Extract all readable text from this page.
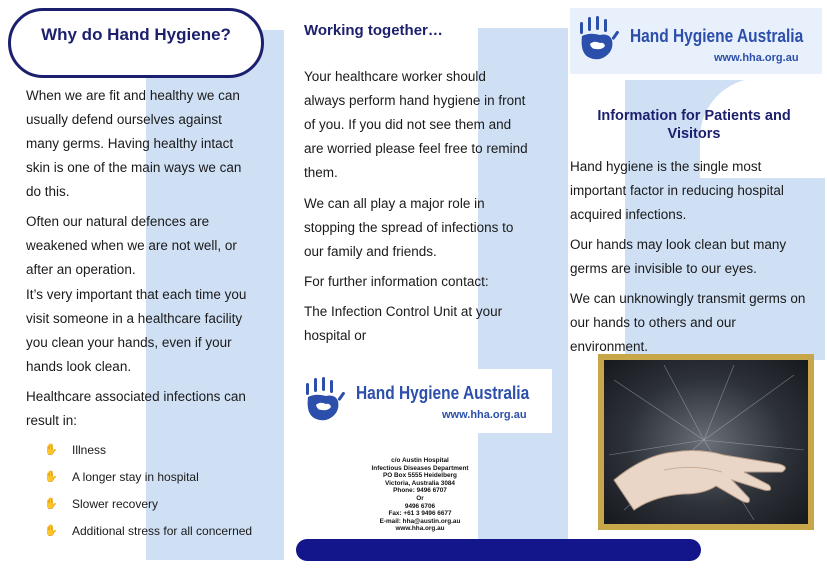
Why do Hand Hygiene?
When we are fit and healthy we can
usually defend ourselves against
many germs. Having healthy intact
skin is one of the main ways we can
do this.
Often our natural defences are
weakened when we are not well, or
after an operation.
It’s very important that each time you
visit someone in a healthcare facility
you clean your hands, even if your
hands look clean.
Healthcare associated infections can
result in:
✋ Illness
✋ A longer stay in hospital
✋ Slower recovery
✋ Additional stress for all concerned
Working together…
Your healthcare worker should
always perform hand hygiene in front
of you. If you did not see them and
are worried please feel free to remind
them.
We can all play a major role in
stopping the spread of infections to
our family and friends.
For further information contact:
The Infection Control Unit at your
hospital or
Hand Hygiene Australia
www.hha.org.au
c/o Austin Hospital
Infectious Diseases Department
PO Box 5555 Heidelberg
Victoria, Australia 3084
Phone: 9496 6707
Or
9496 6706
Fax: +61 3 9496 6677
E-mail: hha@austin.org.au
www.hha.org.au
Hand Hygiene Australia
www.hha.org.au
Information for Patients and
Visitors
Hand hygiene is the single most
important factor in reducing hospital
acquired infections.
Our hands may look clean but many
germs are invisible to our eyes.
We can unknowingly transmit germs on
our hands to others and our
environment.
